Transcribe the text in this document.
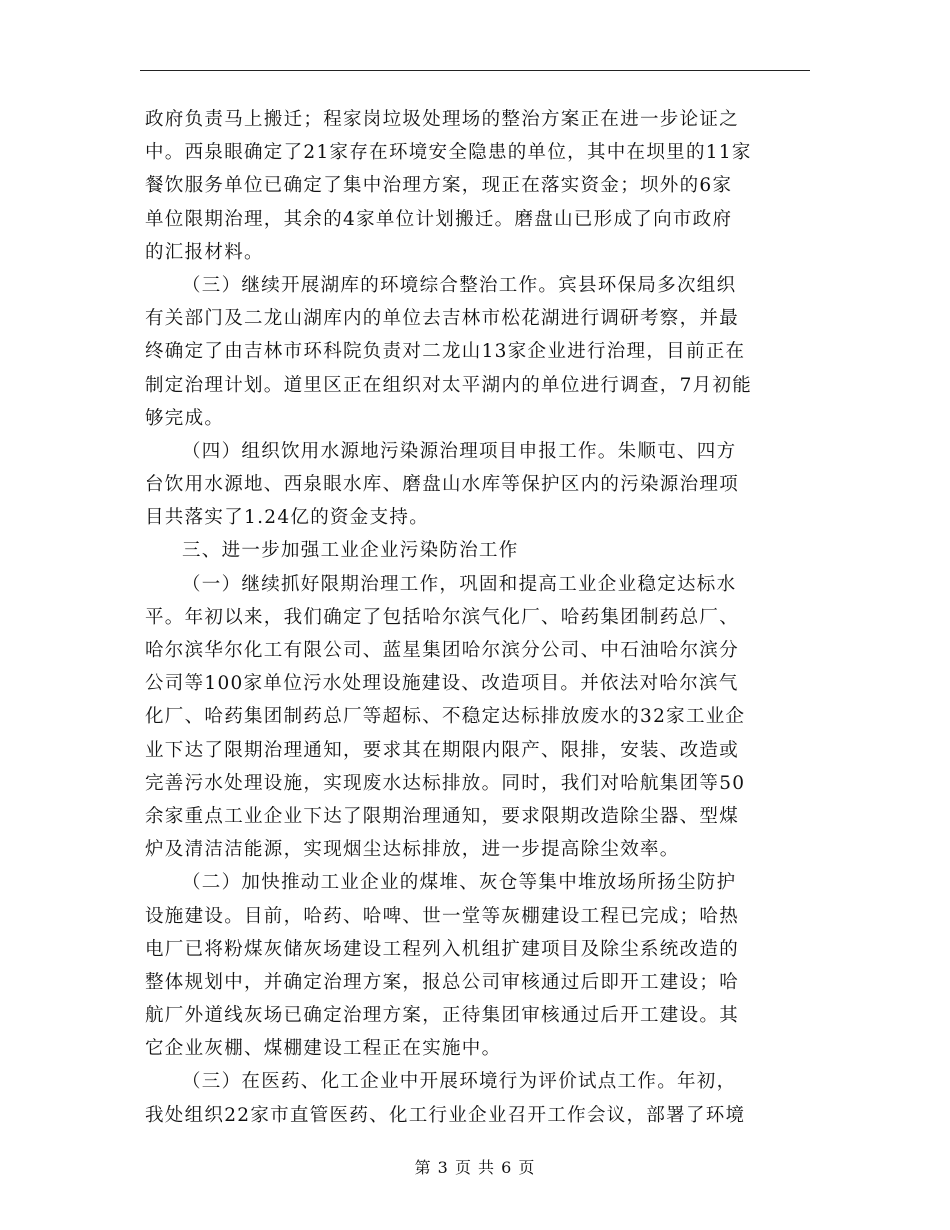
政府负责马上搬迁；程家岗垃圾处理场的整治方案正在进一步论证之
中。西泉眼确定了21家存在环境安全隐患的单位，其中在坝里的11家
餐饮服务单位已确定了集中治理方案，现正在落实资金；坝外的6家
单位限期治理，其余的4家单位计划搬迁。磨盘山已形成了向市政府
的汇报材料。
（三）继续开展湖库的环境综合整治工作。宾县环保局多次组织
有关部门及二龙山湖库内的单位去吉林市松花湖进行调研考察，并最
终确定了由吉林市环科院负责对二龙山13家企业进行治理，目前正在
制定治理计划。道里区正在组织对太平湖内的单位进行调查，7月初能
够完成。
（四）组织饮用水源地污染源治理项目申报工作。朱顺屯、四方
台饮用水源地、西泉眼水库、磨盘山水库等保护区内的污染源治理项
目共落实了1.24亿的资金支持。
三、进一步加强工业企业污染防治工作
（一）继续抓好限期治理工作，巩固和提高工业企业稳定达标水
平。年初以来，我们确定了包括哈尔滨气化厂、哈药集团制药总厂、
哈尔滨华尔化工有限公司、蓝星集团哈尔滨分公司、中石油哈尔滨分
公司等100家单位污水处理设施建设、改造项目。并依法对哈尔滨气
化厂、哈药集团制药总厂等超标、不稳定达标排放废水的32家工业企
业下达了限期治理通知，要求其在期限内限产、限排，安装、改造或
完善污水处理设施，实现废水达标排放。同时，我们对哈航集团等50
余家重点工业企业下达了限期治理通知，要求限期改造除尘器、型煤
炉及清洁洁能源，实现烟尘达标排放，进一步提高除尘效率。
（二）加快推动工业企业的煤堆、灰仓等集中堆放场所扬尘防护
设施建设。目前，哈药、哈啤、世一堂等灰棚建设工程已完成；哈热
电厂已将粉煤灰储灰场建设工程列入机组扩建项目及除尘系统改造的
整体规划中，并确定治理方案，报总公司审核通过后即开工建设；哈
航厂外道线灰场已确定治理方案，正待集团审核通过后开工建设。其
它企业灰棚、煤棚建设工程正在实施中。
（三）在医药、化工企业中开展环境行为评价试点工作。年初，
我处组织22家市直管医药、化工行业企业召开工作会议，部署了环境
第 3 页 共 6 页
